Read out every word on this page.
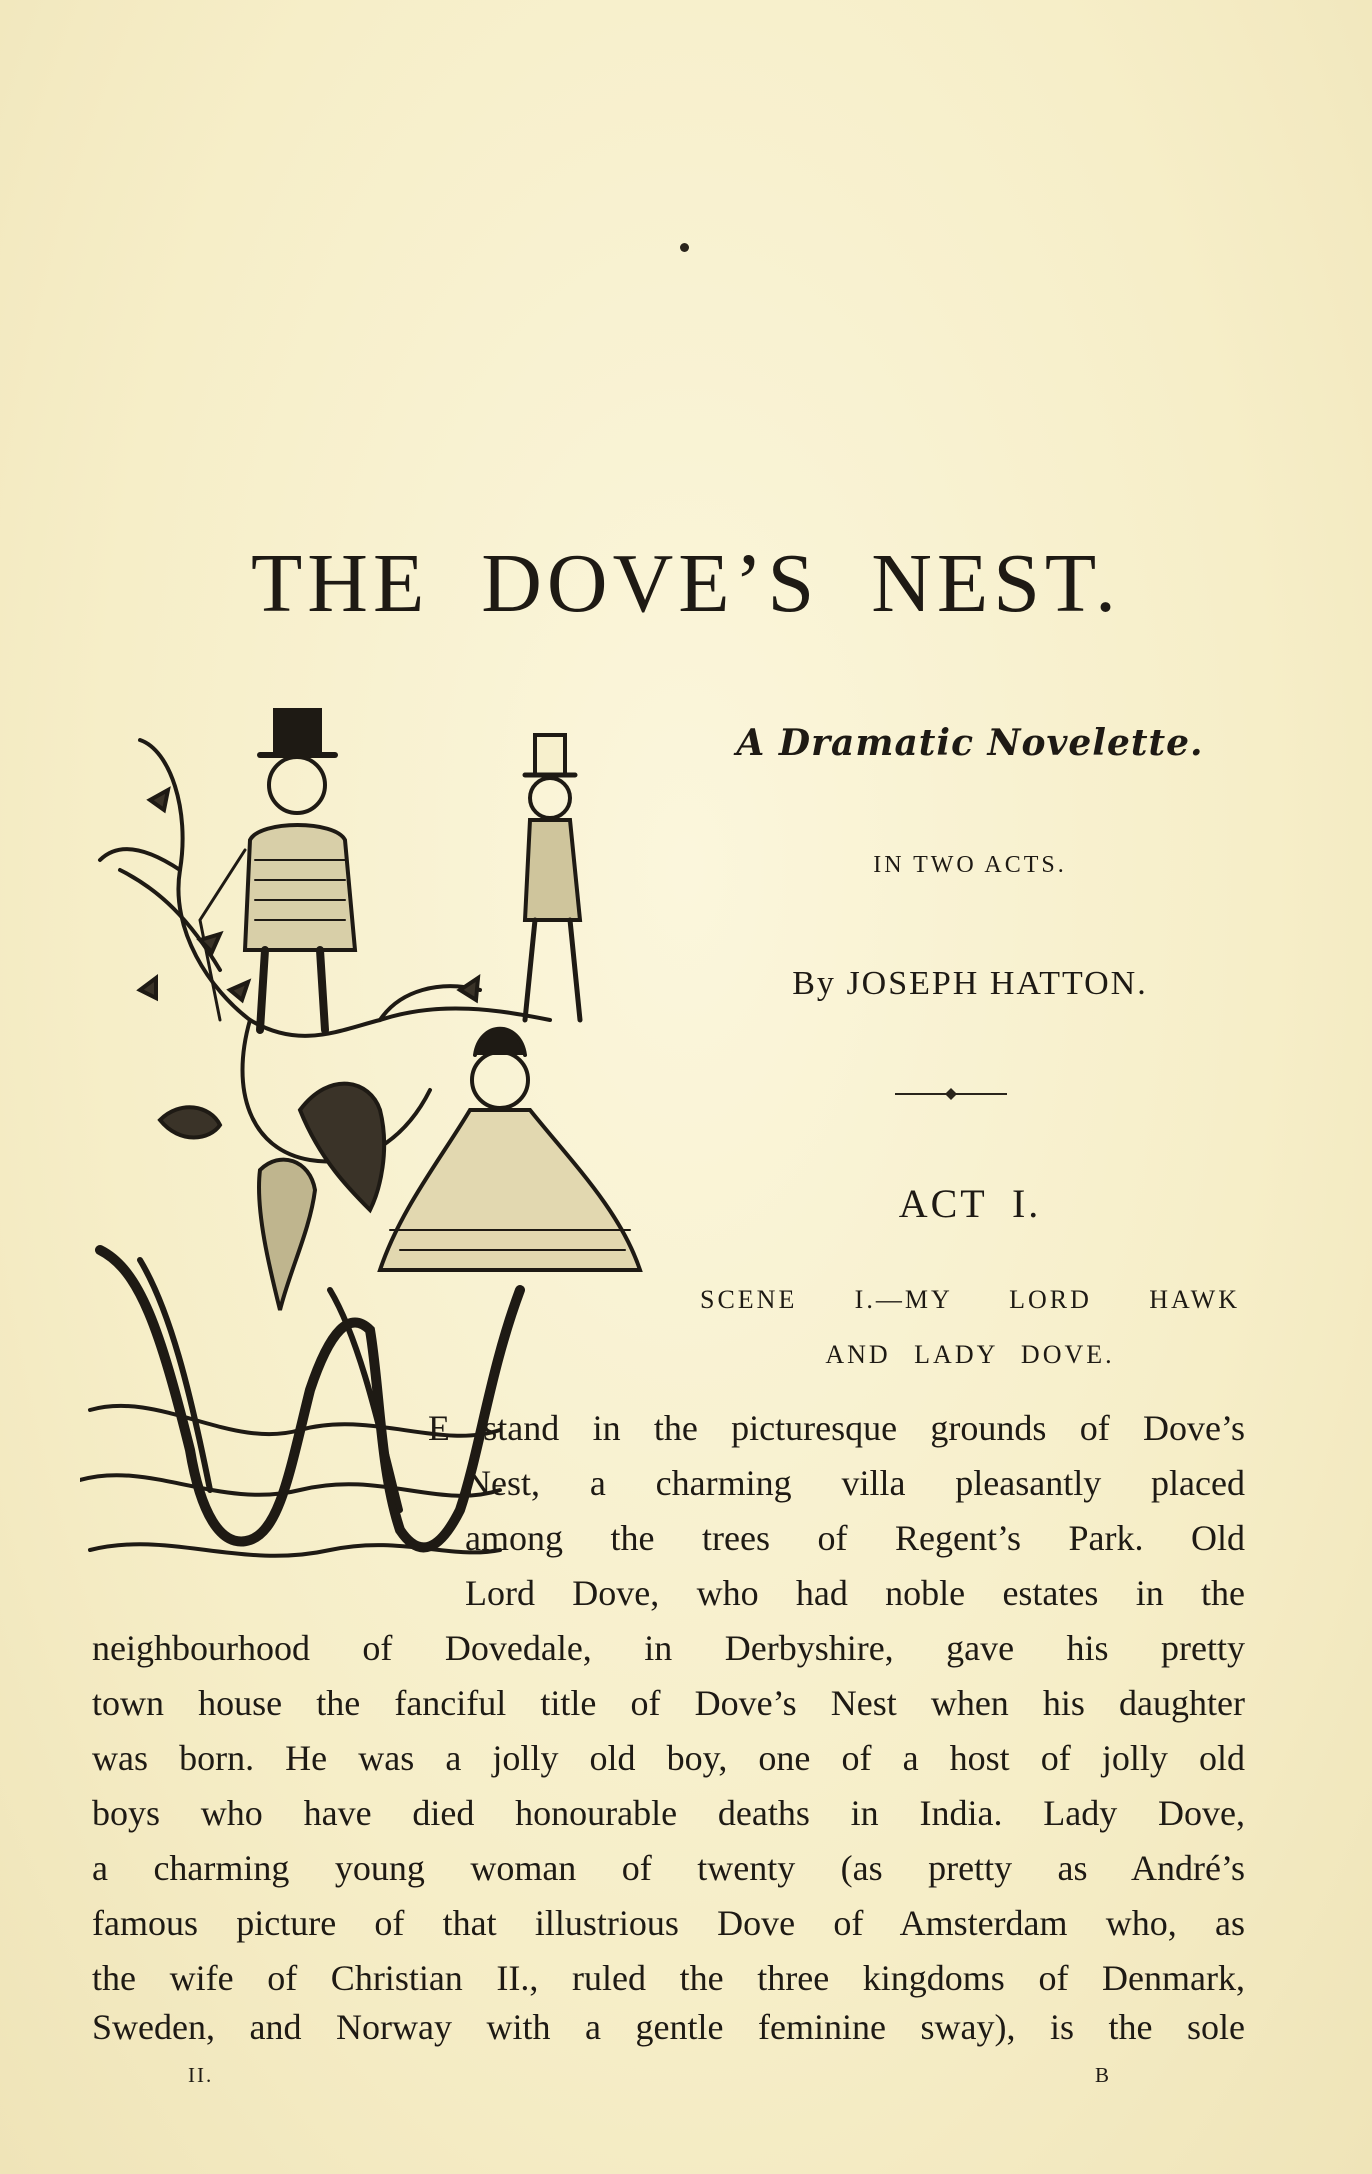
THE DOVE’S NEST.
A Dramatic Novelette.
IN TWO ACTS.
By JOSEPH HATTON.
ACT I.
SCENE I.—MY LORD HAWK
AND LADY DOVE.
E stand in the picturesque grounds of Dove’s
Nest, a charming villa pleasantly placed
among the trees of Regent’s Park. Old
Lord Dove, who had noble estates in the
neighbourhood of Dovedale, in Derbyshire, gave his pretty
town house the fanciful title of Dove’s Nest when his daughter
was born. He was a jolly old boy, one of a host of jolly old
boys who have died honourable deaths in India. Lady Dove,
a charming young woman of twenty (as pretty as André’s
famous picture of that illustrious Dove of Amsterdam who, as
the wife of Christian II., ruled the three kingdoms of Denmark,
Sweden, and Norway with a gentle feminine sway), is the sole
II.	B
